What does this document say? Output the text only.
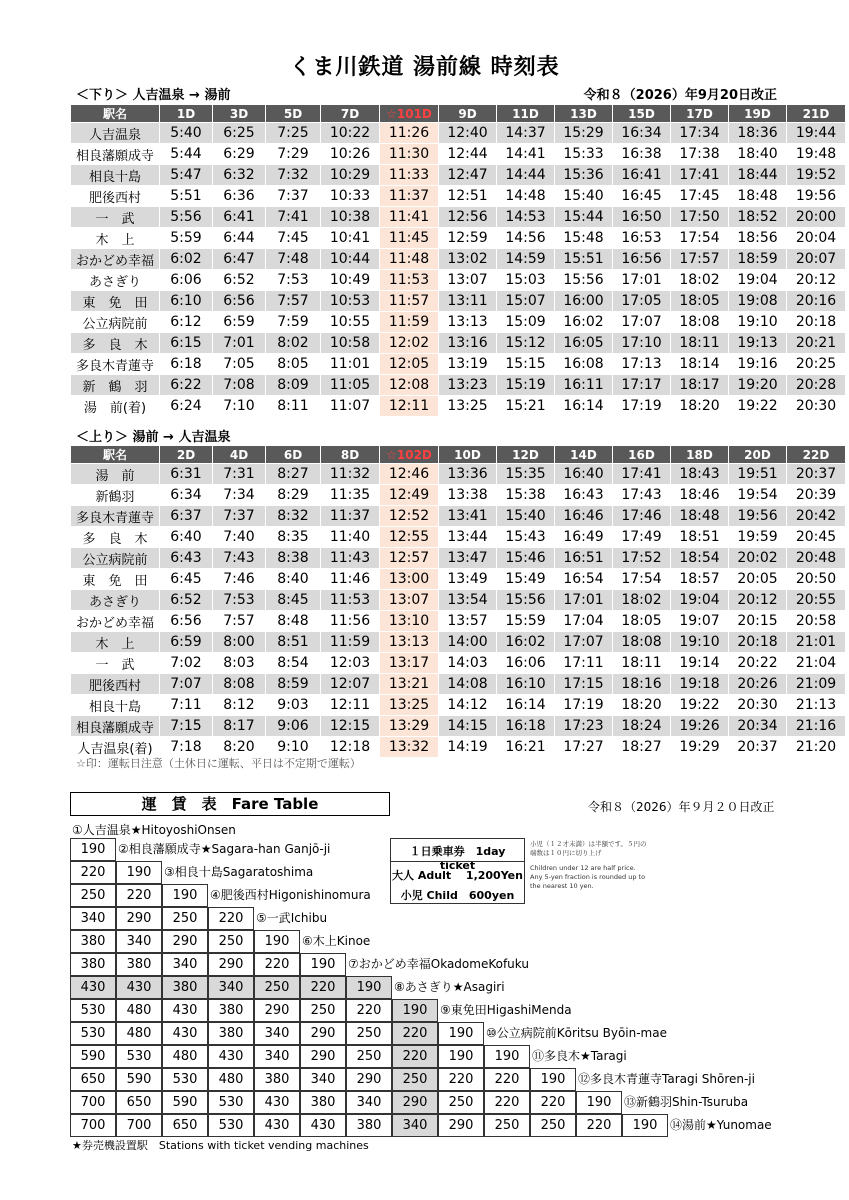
くま川鉄道 湯前線 時刻表
＜下り＞ 人吉温泉 → 湯前	令和８（2026）年9月20日改正
駅名	1D	3D	5D	7D	☆101D	9D	11D	13D	15D	17D	19D	21D
人吉温泉	5:40	6:25	7:25	10:22	11:26	12:40	14:37	15:29	16:34	17:34	18:36	19:44
相良藩願成寺	5:44	6:29	7:29	10:26	11:30	12:44	14:41	15:33	16:38	17:38	18:40	19:48
相良十島	5:47	6:32	7:32	10:29	11:33	12:47	14:44	15:36	16:41	17:41	18:44	19:52
肥後西村	5:51	6:36	7:37	10:33	11:37	12:51	14:48	15:40	16:45	17:45	18:48	19:56
一　武	5:56	6:41	7:41	10:38	11:41	12:56	14:53	15:44	16:50	17:50	18:52	20:00
木　上	5:59	6:44	7:45	10:41	11:45	12:59	14:56	15:48	16:53	17:54	18:56	20:04
おかどめ幸福	6:02	6:47	7:48	10:44	11:48	13:02	14:59	15:51	16:56	17:57	18:59	20:07
あさぎり	6:06	6:52	7:53	10:49	11:53	13:07	15:03	15:56	17:01	18:02	19:04	20:12
東　免　田	6:10	6:56	7:57	10:53	11:57	13:11	15:07	16:00	17:05	18:05	19:08	20:16
公立病院前	6:12	6:59	7:59	10:55	11:59	13:13	15:09	16:02	17:07	18:08	19:10	20:18
多　良　木	6:15	7:01	8:02	10:58	12:02	13:16	15:12	16:05	17:10	18:11	19:13	20:21
多良木青蓮寺	6:18	7:05	8:05	11:01	12:05	13:19	15:15	16:08	17:13	18:14	19:16	20:25
新　鶴　羽	6:22	7:08	8:09	11:05	12:08	13:23	15:19	16:11	17:17	18:17	19:20	20:28
湯　前(着)	6:24	7:10	8:11	11:07	12:11	13:25	15:21	16:14	17:19	18:20	19:22	20:30
＜上り＞ 湯前 → 人吉温泉
駅名	2D	4D	6D	8D	☆102D	10D	12D	14D	16D	18D	20D	22D
湯　前	6:31	7:31	8:27	11:32	12:46	13:36	15:35	16:40	17:41	18:43	19:51	20:37
新鶴羽	6:34	7:34	8:29	11:35	12:49	13:38	15:38	16:43	17:43	18:46	19:54	20:39
多良木青蓮寺	6:37	7:37	8:32	11:37	12:52	13:41	15:40	16:46	17:46	18:48	19:56	20:42
多　良　木	6:40	7:40	8:35	11:40	12:55	13:44	15:43	16:49	17:49	18:51	19:59	20:45
公立病院前	6:43	7:43	8:38	11:43	12:57	13:47	15:46	16:51	17:52	18:54	20:02	20:48
東　免　田	6:45	7:46	8:40	11:46	13:00	13:49	15:49	16:54	17:54	18:57	20:05	20:50
あさぎり	6:52	7:53	8:45	11:53	13:07	13:54	15:56	17:01	18:02	19:04	20:12	20:55
おかどめ幸福	6:56	7:57	8:48	11:56	13:10	13:57	15:59	17:04	18:05	19:07	20:15	20:58
木　上	6:59	8:00	8:51	11:59	13:13	14:00	16:02	17:07	18:08	19:10	20:18	21:01
一　武	7:02	8:03	8:54	12:03	13:17	14:03	16:06	17:11	18:11	19:14	20:22	21:04
肥後西村	7:07	8:08	8:59	12:07	13:21	14:08	16:10	17:15	18:16	19:18	20:26	21:09
相良十島	7:11	8:12	9:03	12:11	13:25	14:12	16:14	17:19	18:20	19:22	20:30	21:13
相良藩願成寺	7:15	8:17	9:06	12:15	13:29	14:15	16:18	17:23	18:24	19:26	20:34	21:16
人吉温泉(着)	7:18	8:20	9:10	12:18	13:32	14:19	16:21	17:27	18:27	19:29	20:37	21:20
☆印：運転日注意（土休日に運転、平日は不定期で運転）
運　賃　表　Fare Table	令和８（2026）年９月２０日改正
①人吉温泉★HitoyoshiOnsen
190	②相良藩願成寺★Sagara-han Ganjō-ji
220	190	③相良十島Sagaratoshima
250	220	190	④肥後西村Higonishinomura
340	290	250	220	⑤一武Ichibu
380	340	290	250	190	⑥木上Kinoe
380	380	340	290	220	190	⑦おかどめ幸福OkadomeKofuku
430	430	380	340	250	220	190	⑧あさぎり★Asagiri
530	480	430	380	290	250	220	190	⑨東免田HigashiMenda
530	480	430	380	340	290	250	220	190	⑩公立病院前Kōritsu Byōin-mae
590	530	480	430	340	290	250	220	190	190	⑪多良木★Taragi
650	590	530	480	380	340	290	250	220	220	190	⑫多良木青蓮寺Taragi Shōren-ji
700	650	590	530	430	380	340	290	250	220	220	190	⑬新鶴羽Shin-Tsuruba
700	700	650	530	430	430	380	340	290	250	250	220	190	⑭湯前★Yunomae
１日乗車券　1day ticket
大人 Adult　 1,200Yen
小児 Child　600yen
小児（１２才未満）は半額です。５円の端数は１０円に切り上げ
Children under 12 are half price. Any 5-yen fraction is rounded up to the nearest 10 yen.
★券売機設置駅　Stations with ticket vending machines
